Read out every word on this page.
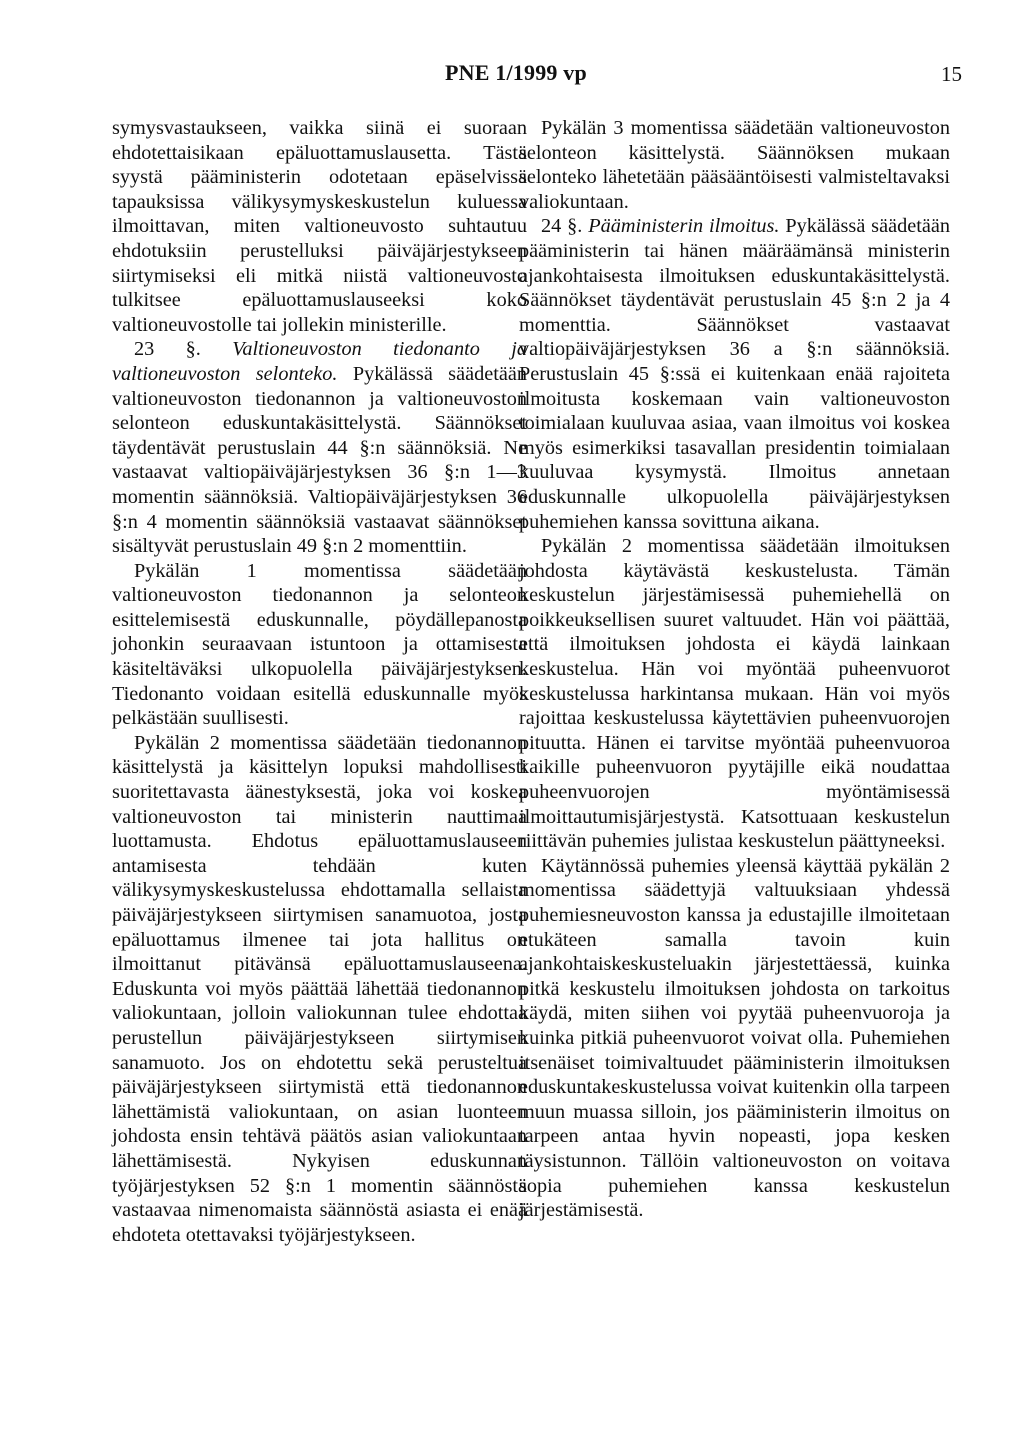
PNE 1/1999 vp	15

symysvastaukseen, vaikka siinä ei suoraan ehdotettaisikaan epäluottamuslausetta. Tästä syystä pääministerin odotetaan epäselvissä tapauksissa välikysymyskeskustelun kuluessa ilmoittavan, miten valtioneuvosto suhtautuu ehdotuksiin perustelluksi päiväjärjestykseen siirtymiseksi eli mitkä niistä valtioneuvosto tulkitsee epäluottamuslauseeksi koko valtioneuvostolle tai jollekin ministerille.

23 §. Valtioneuvoston tiedonanto ja valtioneuvoston selonteko. Pykälässä säädetään valtioneuvoston tiedonannon ja valtioneuvoston selonteon eduskuntakäsittelystä. Säännökset täydentävät perustuslain 44 §:n säännöksiä. Ne vastaavat valtiopäiväjärjestyksen 36 §:n 1—3 momentin säännöksiä. Valtiopäiväjärjestyksen 36 §:n 4 momentin säännöksiä vastaavat säännökset sisältyvät perustuslain 49 §:n 2 momenttiin.

Pykälän 1 momentissa säädetään valtioneuvoston tiedonannon ja selonteon esittelemisestä eduskunnalle, pöydällepanosta johonkin seuraavaan istuntoon ja ottamisesta käsiteltäväksi ulkopuolella päiväjärjestyksen. Tiedonanto voidaan esitellä eduskunnalle myös pelkästään suullisesti.

Pykälän 2 momentissa säädetään tiedonannon käsittelystä ja käsittelyn lopuksi mahdollisesti suoritettavasta äänestyksestä, joka voi koskea valtioneuvoston tai ministerin nauttimaa luottamusta. Ehdotus epäluottamuslauseen antamisesta tehdään kuten välikysymyskeskustelussa ehdottamalla sellaista päiväjärjestykseen siirtymisen sanamuotoa, josta epäluottamus ilmenee tai jota hallitus on ilmoittanut pitävänsä epäluottamuslauseena. Eduskunta voi myös päättää lähettää tiedonannon valiokuntaan, jolloin valiokunnan tulee ehdottaa perustellun päiväjärjestykseen siirtymisen sanamuoto. Jos on ehdotettu sekä perusteltua päiväjärjestykseen siirtymistä että tiedonannon lähettämistä valiokuntaan, on asian luonteen johdosta ensin tehtävä päätös asian valiokuntaan lähettämisestä. Nykyisen eduskunnan työjärjestyksen 52 §:n 1 momentin säännöstä vastaavaa nimenomaista säännöstä asiasta ei enää ehdoteta otettavaksi työjärjestykseen.

Pykälän 3 momentissa säädetään valtioneuvoston selonteon käsittelystä. Säännöksen mukaan selonteko lähetetään pääsääntöisesti valmisteltavaksi valiokuntaan.

24 §. Pääministerin ilmoitus. Pykälässä säädetään pääministerin tai hänen määräämänsä ministerin ajankohtaisesta ilmoituksen eduskuntakäsittelystä. Säännökset täydentävät perustuslain 45 §:n 2 ja 4 momenttia. Säännökset vastaavat valtiopäiväjärjestyksen 36 a §:n säännöksiä. Perustuslain 45 §:ssä ei kuitenkaan enää rajoiteta ilmoitusta koskemaan vain valtioneuvoston toimialaan kuuluvaa asiaa, vaan ilmoitus voi koskea myös esimerkiksi tasavallan presidentin toimialaan kuuluvaa kysymystä. Ilmoitus annetaan eduskunnalle ulkopuolella päiväjärjestyksen puhemiehen kanssa sovittuna aikana.

Pykälän 2 momentissa säädetään ilmoituksen johdosta käytävästä keskustelusta. Tämän keskustelun järjestämisessä puhemiehellä on poikkeuksellisen suuret valtuudet. Hän voi päättää, että ilmoituksen johdosta ei käydä lainkaan keskustelua. Hän voi myöntää puheenvuorot keskustelussa harkintansa mukaan. Hän voi myös rajoittaa keskustelussa käytettävien puheenvuorojen pituutta. Hänen ei tarvitse myöntää puheenvuoroa kaikille puheenvuoron pyytäjille eikä noudattaa puheenvuorojen myöntämisessä ilmoittautumisjärjestystä. Katsottuaan keskustelun riittävän puhemies julistaa keskustelun päättyneeksi.

Käytännössä puhemies yleensä käyttää pykälän 2 momentissa säädettyjä valtuuksiaan yhdessä puhemiesneuvoston kanssa ja edustajille ilmoitetaan etukäteen samalla tavoin kuin ajankohtaiskeskusteluakin järjestettäessä, kuinka pitkä keskustelu ilmoituksen johdosta on tarkoitus käydä, miten siihen voi pyytää puheenvuoroja ja kuinka pitkiä puheenvuorot voivat olla. Puhemiehen itsenäiset toimivaltuudet pääministerin ilmoituksen eduskuntakeskustelussa voivat kuitenkin olla tarpeen muun muassa silloin, jos pääministerin ilmoitus on tarpeen antaa hyvin nopeasti, jopa kesken täysistunnon. Tällöin valtioneuvoston on voitava sopia puhemiehen kanssa keskustelun järjestämisestä.
